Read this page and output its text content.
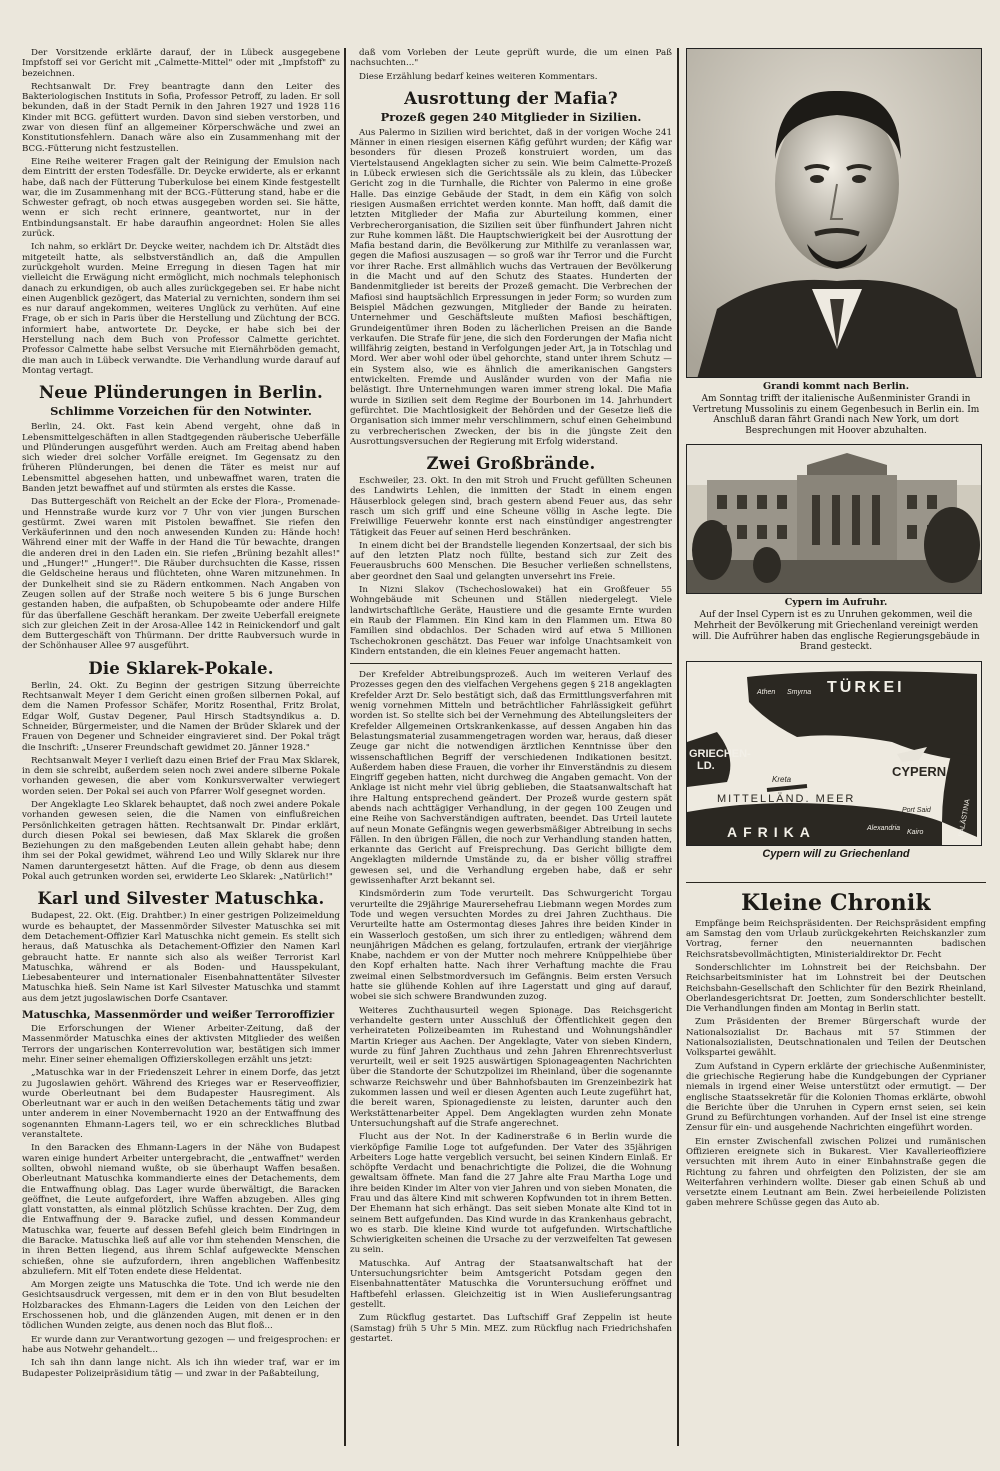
Der Vorsitzende erklärte darauf, der in Lübeck ausgegebene Impfstoff sei vor Gericht mit „Calmette-Mittel" oder mit „Impfstoff" zu bezeichnen.

Rechtsanwalt Dr. Frey beantragte dann den Leiter des Bakteriologischen Instituts in Sofia, Professor Petroff, zu laden. Er soll bekunden, daß in der Stadt Pernik in den Jahren 1927 und 1928 116 Kinder mit BCG. gefüttert wurden. Davon sind sieben verstorben, und zwar von diesen fünf an allgemeiner Körperschwäche und zwei an Konstitutionsfehlern. Danach wäre also ein Zusammenhang mit der BCG.-Fütterung nicht festzustellen.

Eine Reihe weiterer Fragen galt der Reinigung der Emulsion nach dem Eintritt der ersten Todesfälle. Dr. Deycke erwiderte, als er erkannt habe, daß nach der Fütterung Tuberkulose bei einem Kinde festgestellt war, die im Zusammenhang mit der BCG.-Fütterung stand, habe er die Schwester gefragt, ob noch etwas ausgegeben worden sei. Sie hätte, wenn er sich recht erinnere, geantwortet, nur in der Entbindungsanstalt. Er habe daraufhin angeordnet: Holen Sie alles zurück.

Ich nahm, so erklärt Dr. Deycke weiter, nachdem ich Dr. Altstädt dies mitgeteilt hatte, als selbstverständlich an, daß die Ampullen zurückgeholt wurden. Meine Erregung in diesen Tagen hat mir vielleicht die Erwägung nicht ermöglicht, mich nochmals telephonisch danach zu erkundigen, ob auch alles zurückgegeben sei. Er habe nicht einen Augenblick gezögert, das Material zu vernichten, sondern ihm sei es nur darauf angekommen, weiteres Unglück zu verhüten. Auf eine Frage, ob er sich in Paris über die Herstellung und Züchtung der BCG. informiert habe, antwortete Dr. Deycke, er habe sich bei der Herstellung nach dem Buch von Professor Calmette gerichtet. Professor Calmette habe selbst Versuche mit Eiernährböden gemacht, die man auch in Lübeck verwandte. Die Verhandlung wurde darauf auf Montag vertagt.

Neue Plünderungen in Berlin.
Schlimme Vorzeichen für den Notwinter.

Berlin, 24. Okt. Fast kein Abend vergeht, ohne daß in Lebensmittelgeschäften in allen Stadtgegenden räuberische Ueberfälle und Plünderungen ausgeführt werden. Auch am Freitag abend haben sich wieder drei solcher Vorfälle ereignet. Im Gegensatz zu den früheren Plünderungen, bei denen die Täter es meist nur auf Lebensmittel abgesehen hatten, und unbewaffnet waren, traten die Banden jetzt bewaffnet auf und stürmten als erstes die Kasse.

Das Buttergeschäft von Reichelt an der Ecke der Flora-, Promenade- und Hennstraße wurde kurz vor 7 Uhr von vier jungen Burschen gestürmt. Zwei waren mit Pistolen bewaffnet. Sie riefen den Verkäuferinnen und den noch anwesenden Kunden zu: Hände hoch! Während einer mit der Waffe in der Hand die Tür bewachte, drangen die anderen drei in den Laden ein. Sie riefen „Brüning bezahlt alles!" und „Hunger!" „Hunger!". Die Räuber durchsuchten die Kasse, rissen die Geldscheine heraus und flüchteten, ohne Waren mitzunehmen. In der Dunkelheit sind sie zu Rädern entkommen. Nach Angaben von Zeugen sollen auf der Straße noch weitere 5 bis 6 junge Burschen gestanden haben, die aufpaßten, ob Schupobeamte oder andere Hilfe für das überfallene Geschäft herankam. Der zweite Ueberfall ereignete sich zur gleichen Zeit in der Arosa-Allee 142 in Reinickendorf und galt dem Buttergeschäft von Thürmann. Der dritte Raubversuch wurde in der Schönhauser Allee 97 ausgeführt.

Die Sklarek-Pokale.

Berlin, 24. Okt. Zu Beginn der gestrigen Sitzung überreichte Rechtsanwalt Meyer I dem Gericht einen großen silbernen Pokal, auf dem die Namen Professor Schäfer, Moritz Rosenthal, Fritz Brolat, Edgar Wolf, Gustav Degener, Paul Hirsch Stadtsyndikus a. D. Schneider, Bürgermeister, und die Namen der Brüder Sklarek und der Frauen von Degener und Schneider eingravieret sind. Der Pokal trägt die Inschrift: „Unserer Freundschaft gewidmet 20. Jänner 1928."

Rechtsanwalt Meyer I verlieſt dazu einen Brief der Frau Max Sklarek, in dem sie schreibt, außerdem seien noch zwei andere silberne Pokale vorhanden gewesen, die aber vom Konkursverwalter verwiegert worden seien. Der Pokal sei auch von Pfarrer Wolf gesegnet worden.

Der Angeklagte Leo Sklarek behauptet, daß noch zwei andere Pokale vorhanden gewesen seien, die die Namen von einflußreichen Persönlichkeiten getragen hätten. Rechtsanwalt Dr. Pindar erklärt, durch diesen Pokal sei bewiesen, daß Max Sklarek die großen Beziehungen zu den maßgebenden Leuten allein gehabt habe; denn ihm sei der Pokal gewidmet, während Leo und Willy Sklarek nur ihre Namen daruntergesetzt hätten. Auf die Frage, ob denn aus diesem Pokal auch getrunken worden sei, erwiderte Leo Sklarek: „Natürlich!"

Karl und Silvester Matuschka.

Budapest, 22. Okt. (Eig. Drahtber.) In einer gestrigen Polizeimeldung wurde es behauptet, der Massenmörder Silvester Matuschka sei mit dem Detachement-Offizier Karl Matuschka nicht gemein. Es stellt sich heraus, daß Matuschka als Detachement-Offizier den Namen Karl gebraucht hatte. Er nannte sich also als weißer Terrorist Karl Matuschka, während er als Boden- und Hausspekulant, Liebesabenteurer und internationaler Eisenbahnattentäter Silvester Matuschka hieß. Sein Name ist Karl Silvester Matuschka und stammt aus dem jetzt jugoslawischen Dorfe Csantaver.

Matuschka, Massenmörder und weißer Terroroffizier

Die Erforschungen der Wiener Arbeiter-Zeitung, daß der Massenmörder Matuschka eines der aktivsten Mitglieder des weißen Terrors der ungarischen Konterrevolution war, bestätigen sich immer mehr. Einer seiner ehemaligen Offizierskollegen erzählt uns jetzt:

„Matuschka war in der Friedenszeit Lehrer in einem Dorfe, das jetzt zu Jugoslawien gehört. Während des Krieges war er Reserveoffizier, wurde Oberleutnant bei dem Budapester Hausregiment. Als Oberleutnant war er auch in den weißen Detachements tätig und zwar unter anderem in einer Novembernacht 1920 an der Entwaffnung des sogenannten Ehmann-Lagers teil, wo er ein schreckliches Blutbad veranstaltete.

In den Baracken des Ehmann-Lagers in der Nähe von Budapest waren einige hundert Arbeiter untergebracht, die „entwaffnet" werden sollten, obwohl niemand wußte, ob sie überhaupt Waffen besaßen. Oberleutnant Matuschka kommandierte eines der Detachements, dem die Entwaffnung oblag. Das Lager wurde überwältigt, die Baracken geöffnet, die Leute aufgefordert, ihre Waffen abzugeben. Alles ging glatt vonstatten, als einmal plötzlich Schüsse krachten. Der Zug, dem die Entwaffnung der 9. Baracke zufiel, und dessen Kommandeur Matuschka war, feuerte auf dessen Befehl gleich beim Eindringen in die Baracke. Matuschka ließ auf alle vor ihm stehenden Menschen, die in ihren Betten liegend, aus ihrem Schlaf aufgeweckte Menschen schießen, ohne sie aufzufordern, ihren angeblichen Waffenbesitz abzuliefern. Mit elf Toten endete diese Heldentat.

Am Morgen zeigte uns Matuschka die Tote. Und ich werde nie den Gesichtsausdruck vergessen, mit dem er in den von Blut besudelten Holzbarackes des Ehmann-Lagers die Leiden von den Leichen der Erschossenen hob, und die glänzenden Augen, mit denen er in den tödlichen Wunden zeigte, aus denen noch das Blut floß...

Er wurde dann zur Verantwortung gezogen — und freigesprochen: er habe aus Notwehr gehandelt...

Ich sah ihn dann lange nicht. Als ich ihn wieder traf, war er im Budapester Polizeipräsidium tätig — und zwar in der Paßabteilung,

daß vom Vorleben der Leute geprüft wurde, die um einen Paß nachsuchten..."

Diese Erzählung bedarf keines weiteren Kommentars.

Ausrottung der Mafia?
Prozeß gegen 240 Mitglieder in Sizilien.

Aus Palermo in Sizilien wird berichtet, daß in der vorigen Woche 241 Männer in einen riesigen eisernen Käfig geführt wurden; der Käfig war besonders für diesen Prozeß konstruiert worden, um das Viertelstausend Angeklagten sicher zu sein. Wie beim Calmette-Prozeß in Lübeck erwiesen sich die Gerichtssäle als zu klein, das Lübecker Gericht zog in die Turnhalle, die Richter von Palermo in eine große Halle. Das einzige Gebäude der Stadt, in dem ein Käfig von solch riesigen Ausmaßen errichtet werden konnte. Man hofft, daß damit die letzten Mitglieder der Mafia zur Aburteilung kommen, einer Verbrecherorganisation, die Sizilien seit über fünfhundert Jahren nicht zur Ruhe kommen läßt. Die Hauptschwierigkeit bei der Ausrottung der Mafia bestand darin, die Bevölkerung zur Mithilfe zu veranlassen war, gegen die Mafiosi auszusagen — so groß war ihr Terror und die Furcht vor ihrer Rache. Erst allmählich wuchs das Vertrauen der Bevölkerung in die Macht und auf den Schutz des Staates. Hunderten der Bandenmitglieder ist bereits der Prozeß gemacht. Die Verbrechen der Mafiosi sind hauptsächlich Erpressungen in jeder Form; so wurden zum Beispiel Mädchen gezwungen, Mitglieder der Bande zu heiraten. Unternehmer und Geschäftsleute mußten Mafiosi beschäftigen, Grundeigentümer ihren Boden zu lächerlichen Preisen an die Bande verkaufen. Die Strafe für jene, die sich den Forderungen der Mafia nicht willfährig zeigten, bestand in Verfolgungen jeder Art, ja in Totschlag und Mord. Wer aber wohl oder übel gehorchte, stand unter ihrem Schutz — ein System also, wie es ähnlich die amerikanischen Gangsters entwickelten. Fremde und Ausländer wurden von der Mafia nie belästigt. Ihre Unternehmungen waren immer streng lokal. Die Mafia wurde in Sizilien seit dem Regime der Bourbonen im 14. Jahrhundert gefürchtet. Die Machtlosigkeit der Behörden und der Gesetze ließ die Organisation sich immer mehr verschlimmern, schuf einen Geheimbund zu verbrecherischen Zwecken, der bis in die jüngste Zeit den Ausrottungsversuchen der Regierung mit Erfolg widerstand.

Zwei Großbrände.

Eschweiler, 23. Okt. In den mit Stroh und Frucht gefüllten Scheunen des Landwirts Lehlen, die inmitten der Stadt in einem engen Häuserblock gelegen sind, brach gestern abend Feuer aus, das sehr rasch um sich griff und eine Scheune völlig in Asche legte. Die Freiwillige Feuerwehr konnte erst nach einstündiger angestrengter Tätigkeit das Feuer auf seinen Herd beschränken.

In einem dicht bei der Brandstelle liegenden Konzertsaal, der sich bis auf den letzten Platz noch füllte, bestand sich zur Zeit des Feuerausbruchs 600 Menschen. Die Besucher verließen schnellstens, aber geordnet den Saal und gelangten unversehrt ins Freie.

In Nizni Slakov (Tschechoslowakei) hat ein Großfeuer 55 Wohngebäude mit Scheunen und Ställen niedergelegt. Viele landwirtschaftliche Geräte, Haustiere und die gesamte Ernte wurden ein Raub der Flammen. Ein Kind kam in den Flammen um. Etwa 80 Familien sind obdachlos. Der Schaden wird auf etwa 5 Millionen Tschechokronen geschätzt. Das Feuer war infolge Unachtsamkeit von Kindern entstanden, die ein kleines Feuer angemacht hatten.

Der Krefelder Abtreibungsprozeß. Auch im weiteren Verlauf des Prozesses gegen den des vielfachen Vergehens gegen § 218 angeklagten Krefelder Arzt Dr. Selo bestätigt sich, daß das Ermittlungsverfahren mit wenig vornehmen Mitteln und beträchtlicher Fahrlässigkeit geführt worden ist. So stellte sich bei der Vernehmung des Abteilungsleiters der Krefelder Allgemeinen Ortskrankenkasse, auf dessen Angaben hin das Belastungsmaterial zusammengetragen worden war, heraus, daß dieser Zeuge gar nicht die notwendigen ärztlichen Kenntnisse über den wissenschaftlichen Begriff der verschiedenen Indikationen besitzt. Außerdem haben diese Frauen, die vorher ihr Einverständnis zu diesem Eingriff gegeben hatten, nicht durchweg die Angaben gemacht. Von der Anklage ist nicht mehr viel übrig geblieben, die Staatsanwaltschaft hat ihre Haltung entsprechend geändert. Der Prozeß wurde gestern spät abends nach achttägiger Verhandlung, in der gegen 100 Zeugen und eine Reihe von Sachverständigen auftraten, beendet. Das Urteil lautete auf neun Monate Gefängnis wegen gewerbsmäßiger Abtreibung in sechs Fällen. In den übrigen Fällen, die noch zur Verhandlung standen hatten, erkannte das Gericht auf Freisprechung. Das Gericht billigte dem Angeklagten mildernde Umstände zu, da er bisher völlig straffrei gewesen sei, und die Verhandlung ergeben habe, daß er sehr gewissenhafter Arzt bekannt sei.

Kindsmörderin zum Tode verurteilt. Das Schwurgericht Torgau verurteilte die 29jährige Maurersehefrau Liebmann wegen Mordes zum Tode und wegen versuchten Mordes zu drei Jahren Zuchthaus. Die Verurteilte hatte am Ostermontag dieses Jahres ihre beiden Kinder in ein Wasserloch gestoßen, um sich ihrer zu entledigen; während dem neunjährigen Mädchen es gelang, fortzulaufen, ertrank der vierjährige Knabe, nachdem er von der Mutter noch mehrere Knüppelhiebe über den Kopf erhalten hatte. Nach ihrer Verhaftung machte die Frau zweimal einen Selbstmordversuch im Gefängnis. Beim ersten Versuch hatte sie glühende Kohlen auf ihre Lagerstatt und ging auf darauf, wobei sie sich schwere Brandwunden zuzog.

Weiteres Zuchthausurteil wegen Spionage. Das Reichsgericht verhandelte gestern unter Ausschluß der Öffentlichkeit gegen den verheirateten Polizeibeamten im Ruhestand und Wohnungshändler Martin Krieger aus Aachen. Der Angeklagte, Vater von sieben Kindern, wurde zu fünf Jahren Zuchthaus und zehn Jahren Ehrenrechtsverlust verurteilt, weil er seit 1925 auswärtigen Spionageagenten Nachrichten über die Standorte der Schutzpolizei im Rheinland, über die sogenannte schwarze Reichswehr und über Bahnhofsbauten im Grenzeinbezirk hat zukommen lassen und weil er diesen Agenten auch Leute zugeführt hat, die bereit waren, Spionagedienste zu leisten, darunter auch den Werkstättenarbeiter Appel. Dem Angeklagten wurden zehn Monate Untersuchungshaft auf die Strafe angerechnet.

Flucht aus der Not. In der Kadinerstraße 6 in Berlin wurde die vierköpfige Familie Loge tot aufgefunden. Der Vater des 35jährigen Arbeiters Loge hatte vergeblich versucht, bei seinen Kindern Einlaß. Er schöpfte Verdacht und benachrichtigte die Polizei, die die Wohnung gewaltsam öffnete. Man fand die 27 Jahre alte Frau Martha Loge und ihre beiden Kinder im Alter von vier Jahren und von sieben Monaten, die Frau und das ältere Kind mit schweren Kopfwunden tot in ihrem Betten. Der Ehemann hat sich erhängt. Das seit sieben Monate alte Kind tot in seinem Bett aufgefunden. Das Kind wurde in das Krankenhaus gebracht, wo es starb. Die kleine Kind wurde tot aufgefunden. Wirtschaftliche Schwierigkeiten scheinen die Ursache zu der verzweifelten Tat gewesen zu sein.

Matuschka. Auf Antrag der Staatsanwaltschaft hat der Untersuchungsrichter beim Amtsgericht Potsdam gegen den Eisenbahnattentäter Matuschka die Voruntersuchung eröffnet und Haftbefehl erlassen. Gleichzeitig ist in Wien Auslieferungsantrag gestellt.

Zum Rückflug gestartet. Das Luftschiff Graf Zeppelin ist heute (Samstag) früh 5 Uhr 5 Min. MEZ. zum Rückflug nach Friedrichshafen gestartet.

Grandi kommt nach Berlin.
Am Sonntag trifft der italienische Außenminister Grandi in Vertretung Mussolinis zu einem Gegenbesuch in Berlin ein. Im Anschluß daran fährt Grandi nach New York, um dort Besprechungen mit Hoover abzuhalten.
Cypern im Aufruhr.
Auf der Insel Cypern ist es zu Unruhen gekommen, weil die Mehrheit der Bevölkerung mit Griechenland vereinigt werden will. Die Aufrührer haben das englische Regierungsgebäude in Brand gesteckt.
TÜRKEI
Athen Smyrna
GRIECHEN-
LD.	CYPERN
MITTELLÄND. MEER
Kreta
PALÄSTINA
Port Said
Alexandria
Kairo
AFRIKA
Cypern will zu Griechenland
Kleine Chronik

Empfänge beim Reichspräsidenten. Der Reichspräsident empfing am Samstag den vom Urlaub zurückgekehrten Reichskanzler zum Vortrag, ferner den neuernannten badischen Reichsratsbevollmächtigten, Ministerialdirektor Dr. Fecht

Sonderschlichter im Lohnstreit bei der Reichsbahn. Der Reichsarbeitsminister hat im Lohnstreit bei der Deutschen Reichsbahn-Gesellschaft den Schlichter für den Bezirk Rheinland, Oberlandesgerichtsrat Dr. Joetten, zum Sonderschlichter bestellt. Die Verhandlungen finden am Montag in Berlin statt.

Zum Präsidenten der Bremer Bürgerschaft wurde der Nationalsozialist Dr. Bachaus mit 57 Stimmen der Nationalsozialisten, Deutschnationalen und Teilen der Deutschen Volkspartei gewählt.

Zum Aufstand in Cypern erklärte der griechische Außenminister, die griechische Regierung habe die Kundgebungen der Cyprianer niemals in irgend einer Weise unterstützt oder ermutigt. — Der englische Staatssekretär für die Kolonien Thomas erklärte, obwohl die Berichte über die Unruhen in Cypern ernst seien, sei kein Grund zu Befürchtungen vorhanden. Auf der Insel ist eine strenge Zensur für ein- und ausgehende Nachrichten eingeführt worden.

Ein ernster Zwischenfall zwischen Polizei und rumänischen Offizieren ereignete sich in Bukarest. Vier Kavallerieoffiziere versuchten mit ihrem Auto in einer Einbahnstraße gegen die Richtung zu fahren und ohrfeigten den Polizisten, der sie am Weiterfahren verhindern wollte. Dieser gab einen Schuß ab und versetzte einem Leutnant am Bein. Zwei herbeieilende Polizisten gaben mehrere Schüsse gegen das Auto ab.
